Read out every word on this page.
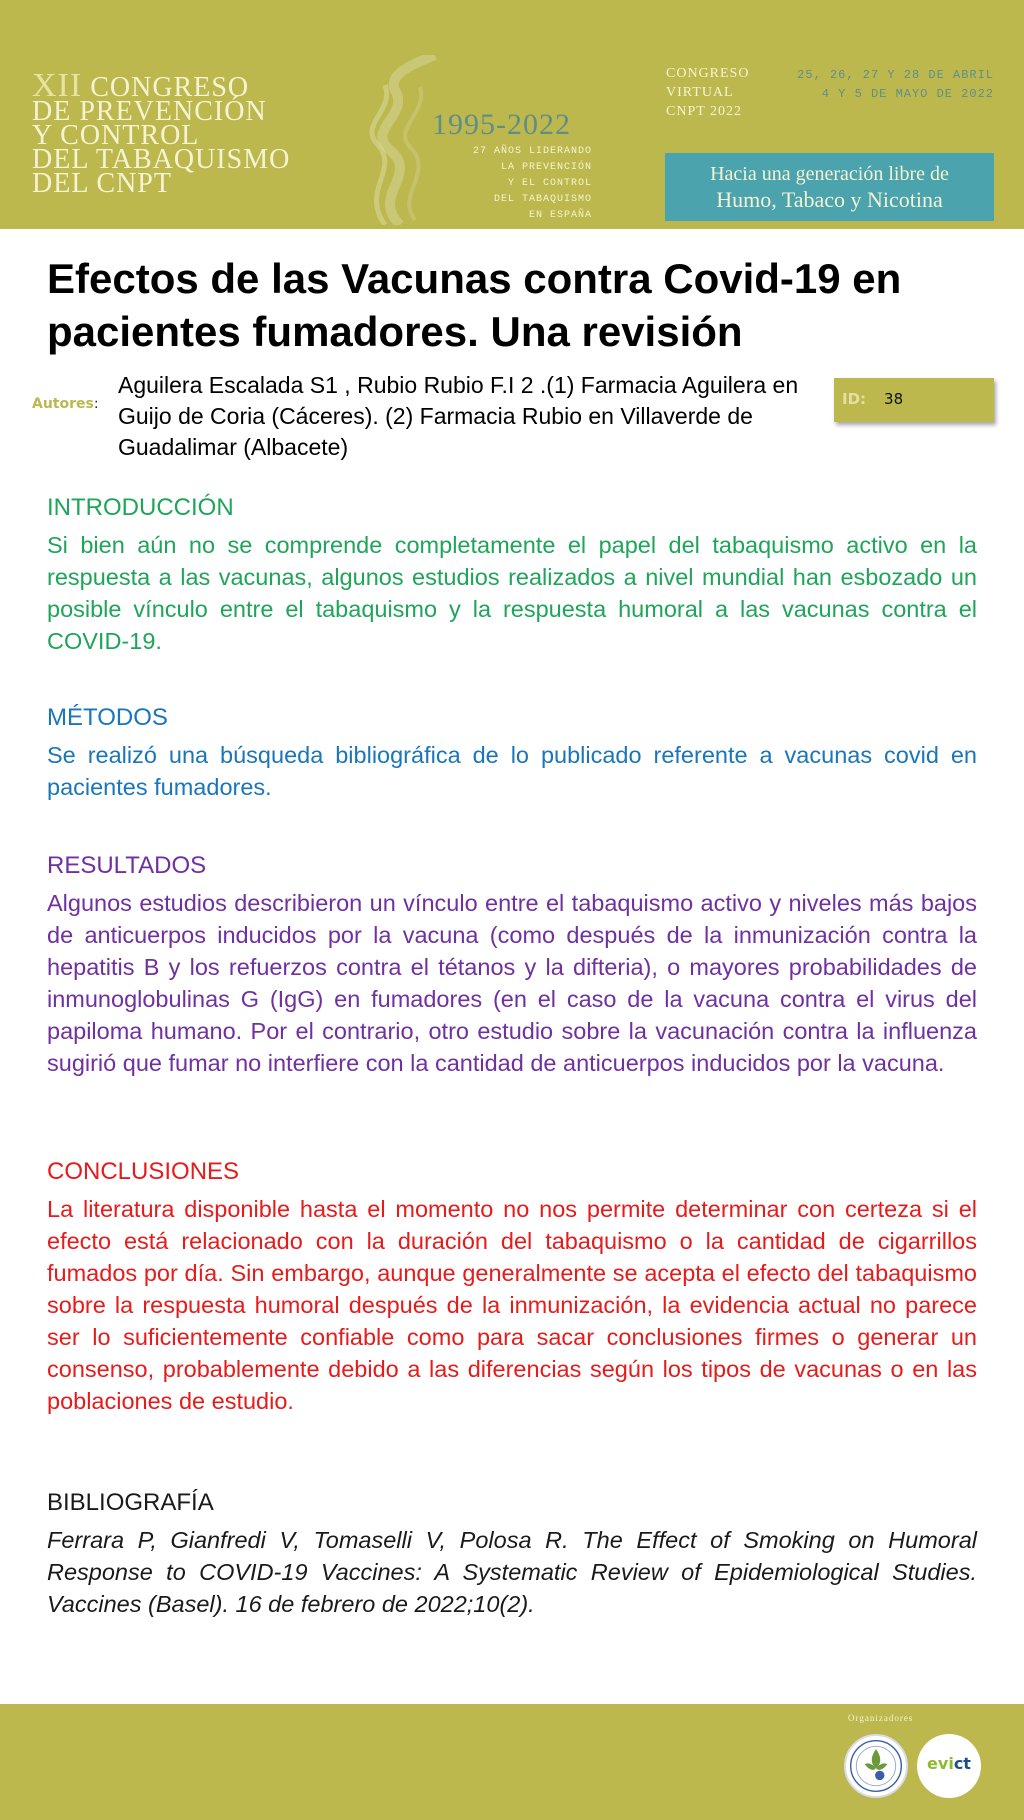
XII CONGRESO
DE PREVENCIÓN
Y CONTROL
DEL TABAQUISMO
DEL CNPT
1995-2022
27 AÑOS LIDERANDO
LA PREVENCIÓN
Y EL CONTROL
DEL TABAQUISMO
EN ESPAÑA
CONGRESO
VIRTUAL
CNPT 2022
25, 26, 27 Y 28 DE ABRIL
4 Y 5 DE MAYO DE 2022
Hacia una generación libre de
Humo, Tabaco y Nicotina
Efectos de las Vacunas contra Covid-19 en pacientes fumadores. Una revisión
Autores:
Aguilera Escalada S1 , Rubio Rubio F.I 2 .(1) Farmacia Aguilera en Guijo de Coria (Cáceres). (2) Farmacia Rubio en Villaverde de Guadalimar (Albacete)
ID: 38
INTRODUCCIÓN
Si bien aún no se comprende completamente el papel del tabaquismo activo en la respuesta a las vacunas, algunos estudios realizados a nivel mundial han esbozado un posible vínculo entre el tabaquismo y la respuesta humoral a las vacunas contra el COVID-19.
MÉTODOS
Se realizó una búsqueda bibliográfica de lo publicado referente a vacunas covid en pacientes fumadores.
RESULTADOS
Algunos estudios describieron un vínculo entre el tabaquismo activo y niveles más bajos de anticuerpos inducidos por la vacuna (como después de la inmunización contra la hepatitis B y los refuerzos contra el tétanos y la difteria), o mayores probabilidades de inmunoglobulinas G (IgG) en fumadores (en el caso de la vacuna contra el virus del papiloma humano. Por el contrario, otro estudio sobre la vacunación contra la influenza sugirió que fumar no interfiere con la cantidad de anticuerpos inducidos por la vacuna.
CONCLUSIONES
La literatura disponible hasta el momento no nos permite determinar con certeza si el efecto está relacionado con la duración del tabaquismo o la cantidad de cigarrillos fumados por día. Sin embargo, aunque generalmente se acepta el efecto del tabaquismo sobre la respuesta humoral después de la inmunización, la evidencia actual no parece ser lo suficientemente confiable como para sacar conclusiones firmes o generar un consenso, probablemente debido a las diferencias según los tipos de vacunas o en las poblaciones de estudio.
BIBLIOGRAFÍA
Ferrara P, Gianfredi V, Tomaselli V, Polosa R. The Effect of Smoking on Humoral Response to COVID-19 Vaccines: A Systematic Review of Epidemiological Studies. Vaccines (Basel). 16 de febrero de 2022;10(2).
Organizadores
evict
